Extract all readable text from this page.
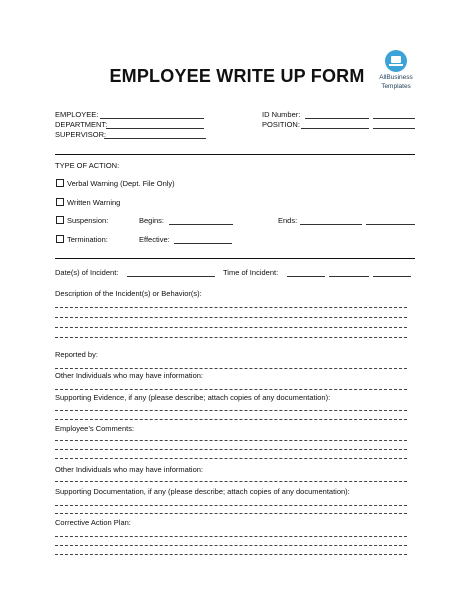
EMPLOYEE WRITE UP FORM	AllBusiness
Templates
EMPLOYEE:
DEPARTMENT:
SUPERVISOR:
ID Number:
POSITION:
TYPE OF ACTION:
Verbal Warning (Dept. File Only)
Written Warning
Suspension:	Begins:	Ends:
Termination:	Effective:
Date(s) of Incident:	Time of Incident:
Description of the Incident(s) or Behavior(s):
Reported by:
Other Individuals who may have information:
Supporting Evidence, if any (please describe; attach copies of any documentation):
Employee’s Comments:
Other Individuals who may have information:
Supporting Documentation, if any (please describe; attach copies of any documentation):
Corrective Action Plan:
